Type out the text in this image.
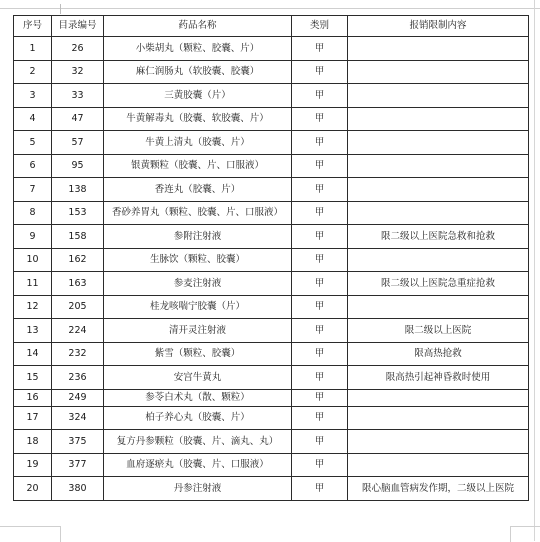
序号	目录编号	药品名称	类别	报销限制内容
1	26	小柴胡丸（颗粒、胶囊、片）	甲	
2	32	麻仁润肠丸（软胶囊、胶囊）	甲	
3	33	三黄胶囊（片）	甲	
4	47	牛黄解毒丸（胶囊、软胶囊、片）	甲	
5	57	牛黄上清丸（胶囊、片）	甲	
6	95	银黄颗粒（胶囊、片、口服液）	甲	
7	138	香连丸（胶囊、片）	甲	
8	153	香砂养胃丸（颗粒、胶囊、片、口服液）	甲	
9	158	参附注射液	甲	限二级以上医院急救和抢救
10	162	生脉饮（颗粒、胶囊）	甲	
11	163	参麦注射液	甲	限二级以上医院急重症抢救
12	205	桂龙咳喘宁胶囊（片）	甲	
13	224	清开灵注射液	甲	限二级以上医院
14	232	紫雪（颗粒、胶囊）	甲	限高热抢救
15	236	安宫牛黄丸	甲	限高热引起神昏救时使用
16	249	参苓白术丸（散、颗粒）	甲	
17	324	柏子养心丸（胶囊、片）	甲	
18	375	复方丹参颗粒（胶囊、片、滴丸、丸）	甲	
19	377	血府逐瘀丸（胶囊、片、口服液）	甲	
20	380	丹参注射液	甲	限心脑血管病发作期，二级以上医院
